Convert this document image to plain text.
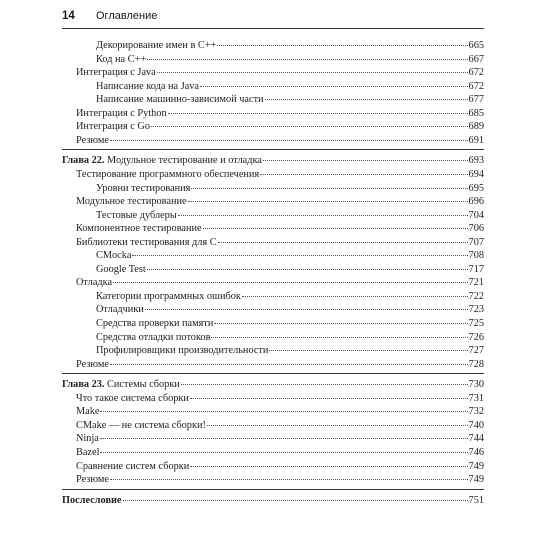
14 Оглавление
Декорирование имен в C++	665
Код на C++	667
Интеграция с Java	672
Написание кода на Java	672
Написание машинно-зависимой части	677
Интеграция с Python	685
Интеграция с Go	689
Резюме	691
Глава 22. Модульное тестирование и отладка	693
Тестирование программного обеспечения	694
Уровни тестирования	695
Модульное тестирование	696
Тестовые дублеры	704
Компонентное тестирование	706
Библиотеки тестирования для C	707
CMocka	708
Google Test	717
Отладка	721
Категории программных ошибок	722
Отладчики	723
Средства проверки памяти	725
Средства отладки потоков	726
Профилировщики производительности	727
Резюме	728
Глава 23. Системы сборки	730
Что такое система сборки	731
Make	732
CMake — не система сборки!	740
Ninja	744
Bazel	746
Сравнение систем сборки	749
Резюме	749
Послесловие	751
